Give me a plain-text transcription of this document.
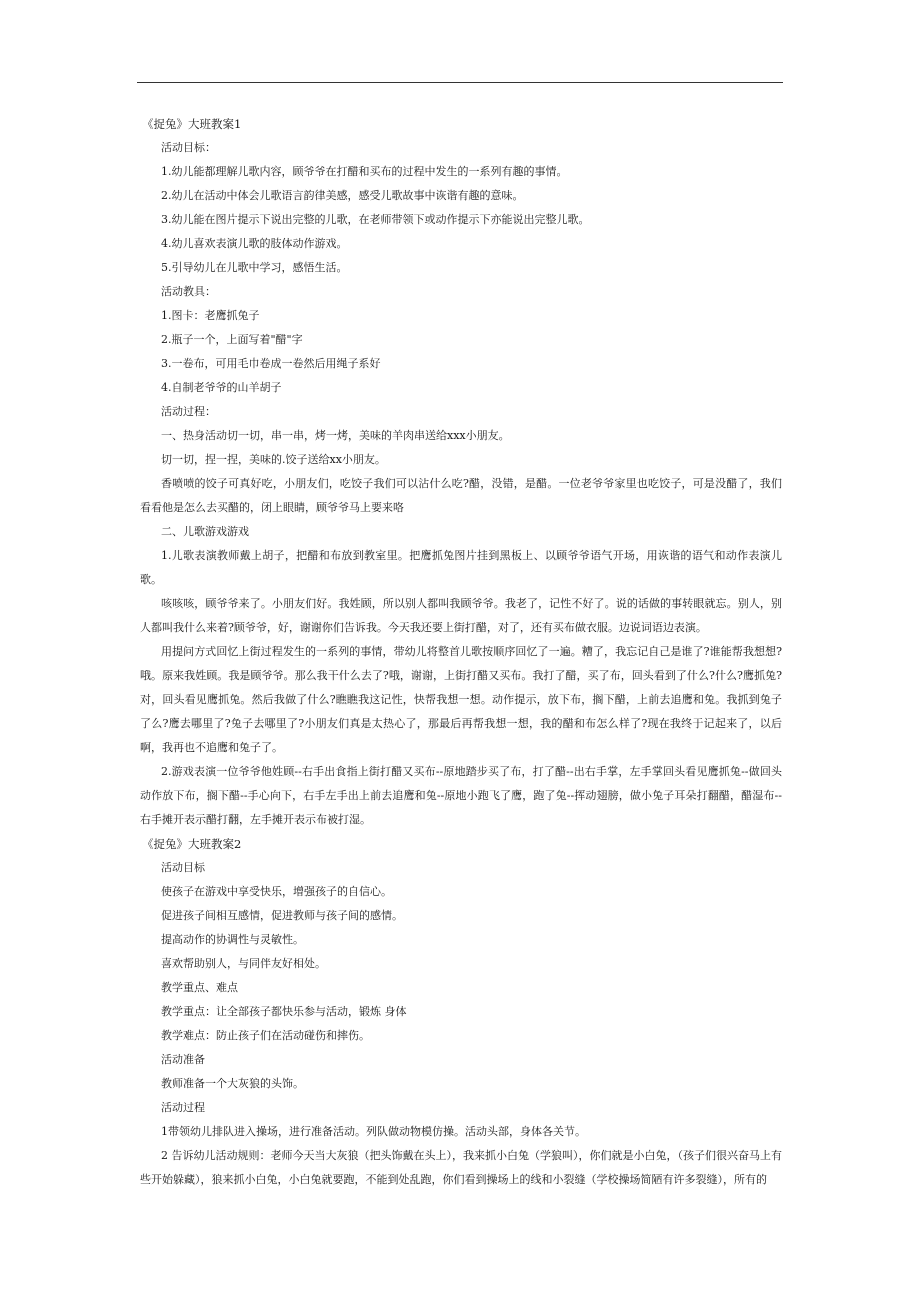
《捉兔》大班教案1
活动目标：
1.幼儿能都理解儿歌内容，顾爷爷在打醋和买布的过程中发生的一系列有趣的事情。
2.幼儿在活动中体会儿歌语言韵律美感，感受儿歌故事中诙谐有趣的意味。
3.幼儿能在图片提示下说出完整的儿歌，在老师带领下或动作提示下亦能说出完整儿歌。
4.幼儿喜欢表演儿歌的肢体动作游戏。
5.引导幼儿在儿歌中学习，感悟生活。
活动教具：
1.图卡：老鹰抓兔子
2.瓶子一个，上面写着"醋"字
3.一卷布，可用毛巾卷成一卷然后用绳子系好
4.自制老爷爷的山羊胡子
活动过程：
一、热身活动切一切，串一串，烤一烤，美味的羊肉串送给xxx小朋友。
切一切，捏一捏，美味的.饺子送给xx小朋友。
香喷喷的饺子可真好吃，小朋友们，吃饺子我们可以沾什么吃?醋，没错，是醋。一位老爷爷家里也吃饺子，可是没醋了，我们看看他是怎么去买醋的，闭上眼睛，顾爷爷马上要来咯
二、儿歌游戏游戏
1.儿歌表演教师戴上胡子，把醋和布放到教室里。把鹰抓兔图片挂到黑板上、以顾爷爷语气开场，用诙谐的语气和动作表演儿歌。
咳咳咳，顾爷爷来了。小朋友们好。我姓顾，所以别人都叫我顾爷爷。我老了，记性不好了。说的话做的事转眼就忘。别人，别人都叫我什么来着?顾爷爷，好，谢谢你们告诉我。今天我还要上街打醋，对了，还有买布做衣服。边说词语边表演。
用提问方式回忆上街过程发生的一系列的事情，带幼儿将整首儿歌按顺序回忆了一遍。糟了，我忘记自己是谁了?谁能帮我想想?哦。原来我姓顾。我是顾爷爷。那么我干什么去了?哦，谢谢，上街打醋又买布。我打了醋，买了布，回头看到了什么?什么?鹰抓兔?对，回头看见鹰抓兔。然后我做了什么?瞧瞧我这记性，快帮我想一想。动作提示，放下布，搁下醋，上前去追鹰和兔。我抓到兔子了么?鹰去哪里了?兔子去哪里了?小朋友们真是太热心了，那最后再帮我想一想，我的醋和布怎么样了?现在我终于记起来了，以后啊，我再也不追鹰和兔子了。
2.游戏表演一位爷爷他姓顾--右手出食指上街打醋又买布--原地踏步买了布，打了醋--出右手掌，左手掌回头看见鹰抓兔--做回头动作放下布，搁下醋--手心向下，右手左手出上前去追鹰和兔--原地小跑飞了鹰，跑了兔--挥动翅膀，做小兔子耳朵打翻醋，醋湿布--右手摊开表示醋打翻，左手摊开表示布被打湿。
《捉兔》大班教案2
活动目标
使孩子在游戏中享受快乐，增强孩子的自信心。
促进孩子间相互感情，促进教师与孩子间的感情。
提高动作的协调性与灵敏性。
喜欢帮助别人，与同伴友好相处。
教学重点、难点
教学重点：让全部孩子都快乐参与活动，锻炼 身体
教学难点：防止孩子们在活动碰伤和摔伤。
活动准备
教师准备一个大灰狼的头饰。
活动过程
1带领幼儿排队进入操场，进行准备活动。列队做动物模仿操。活动头部，身体各关节。
2 告诉幼儿活动规则：老师今天当大灰狼（把头饰戴在头上），我来抓小白兔（学狼叫），你们就是小白兔，（孩子们很兴奋马上有些开始躲藏），狼来抓小白兔，小白兔就要跑，不能到处乱跑，你们看到操场上的线和小裂缝（学校操场简陋有许多裂缝），所有的
